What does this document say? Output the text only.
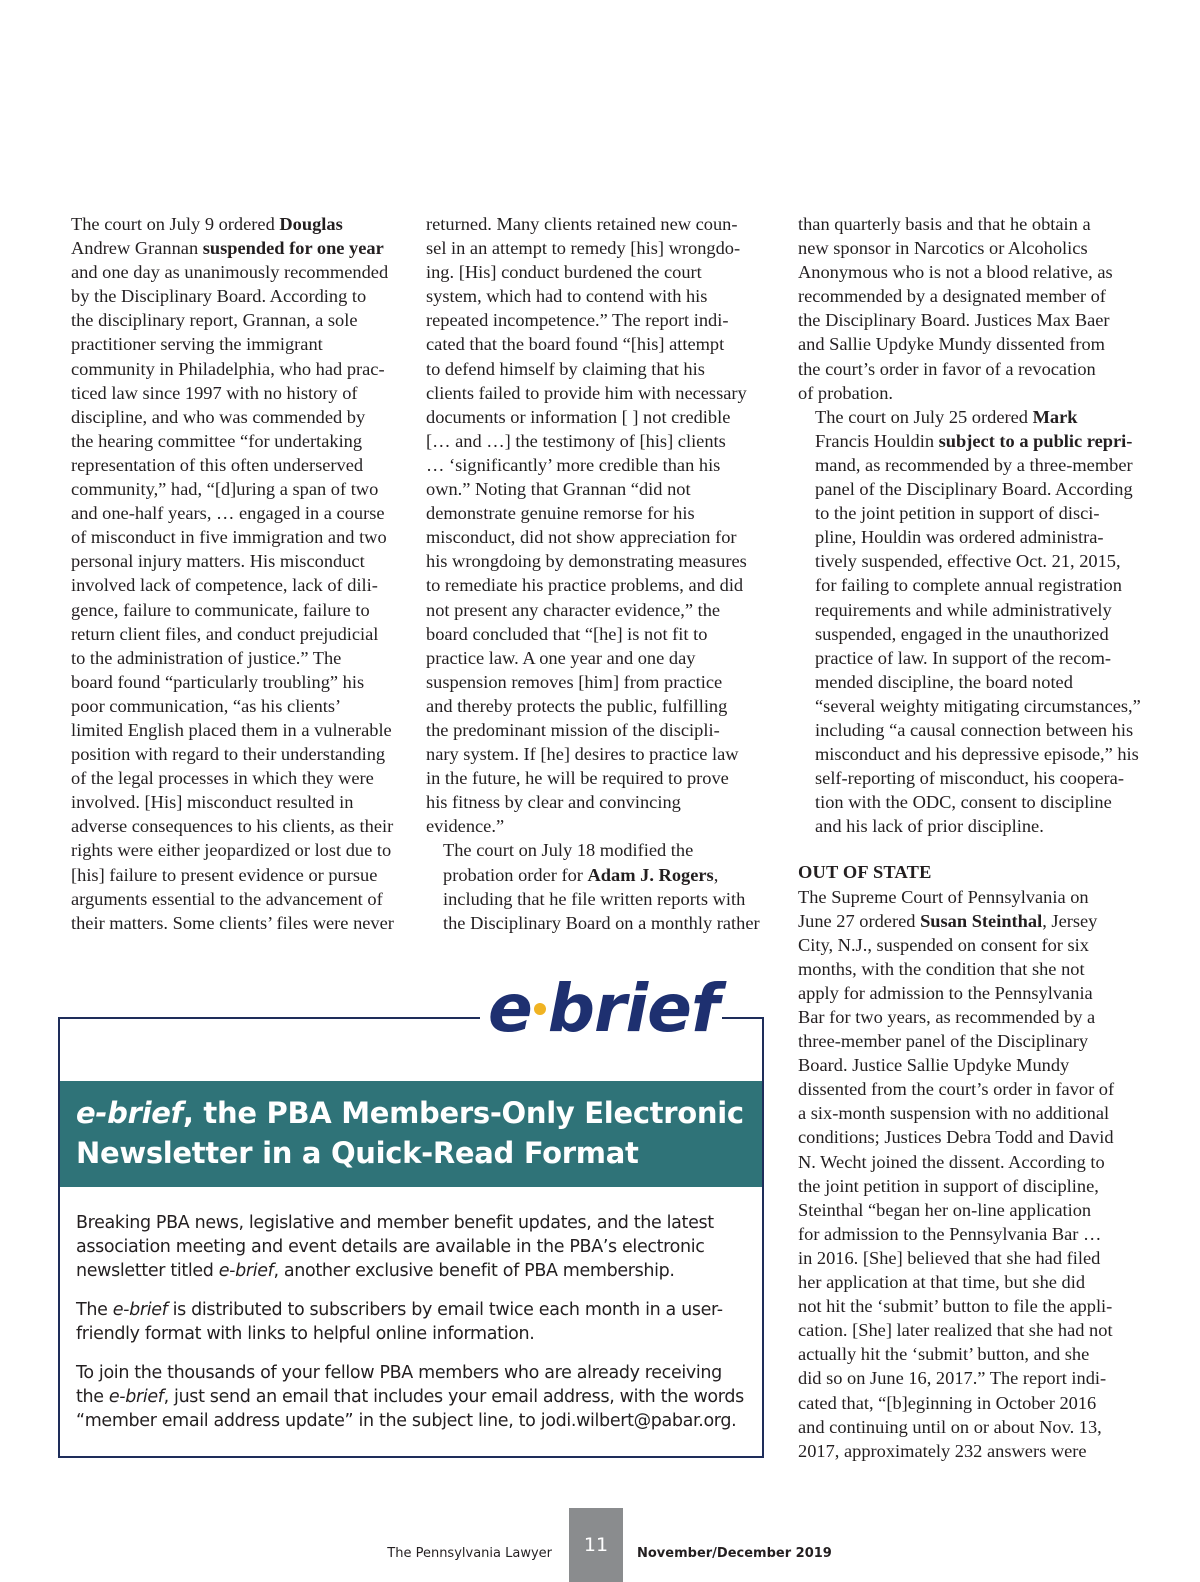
The court on July 9 ordered Douglas
Andrew Grannan suspended for one year
and one day as unanimously recommended
by the Disciplinary Board. According to
the disciplinary report, Grannan, a sole
practitioner serving the immigrant
community in Philadelphia, who had prac-
ticed law since 1997 with no history of
discipline, and who was commended by
the hearing committee “for undertaking
representation of this often underserved
community,” had, “[d]uring a span of two
and one-half years, … engaged in a course
of misconduct in five immigration and two
personal injury matters. His misconduct
involved lack of competence, lack of dili-
gence, failure to communicate, failure to
return client files, and conduct prejudicial
to the administration of justice.” The
board found “particularly troubling” his
poor communication, “as his clients’
limited English placed them in a vulnerable
position with regard to their understanding
of the legal processes in which they were
involved. [His] misconduct resulted in
adverse consequences to his clients, as their
rights were either jeopardized or lost due to
[his] failure to present evidence or pursue
arguments essential to the advancement of
their matters. Some clients’ files were never

returned. Many clients retained new coun-
sel in an attempt to remedy [his] wrongdo-
ing. [His] conduct burdened the court
system, which had to contend with his
repeated incompetence.” The report indi-
cated that the board found “[his] attempt
to defend himself by claiming that his
clients failed to provide him with necessary
documents or information [ ] not credible
[… and …] the testimony of [his] clients
… ‘significantly’ more credible than his
own.” Noting that Grannan “did not
demonstrate genuine remorse for his
misconduct, did not show appreciation for
his wrongdoing by demonstrating measures
to remediate his practice problems, and did
not present any character evidence,” the
board concluded that “[he] is not fit to
practice law. A one year and one day
suspension removes [him] from practice
and thereby protects the public, fulfilling
the predominant mission of the discipli-
nary system. If [he] desires to practice law
in the future, he will be required to prove
his fitness by clear and convincing
evidence.”

The court on July 18 modified the
probation order for Adam J. Rogers,
including that he file written reports with
the Disciplinary Board on a monthly rather

than quarterly basis and that he obtain a
new sponsor in Narcotics or Alcoholics
Anonymous who is not a blood relative, as
recommended by a designated member of
the Disciplinary Board. Justices Max Baer
and Sallie Updyke Mundy dissented from
the court’s order in favor of a revocation
of probation.

The court on July 25 ordered Mark
Francis Houldin subject to a public repri-
mand, as recommended by a three-member
panel of the Disciplinary Board. According
to the joint petition in support of disci-
pline, Houldin was ordered administra-
tively suspended, effective Oct. 21, 2015,
for failing to complete annual registration
requirements and while administratively
suspended, engaged in the unauthorized
practice of law. In support of the recom-
mended discipline, the board noted
“several weighty mitigating circumstances,”
including “a causal connection between his
misconduct and his depressive episode,” his
self-reporting of misconduct, his coopera-
tion with the ODC, consent to discipline
and his lack of prior discipline.

OUT OF STATE

The Supreme Court of Pennsylvania on
June 27 ordered Susan Steinthal, Jersey
City, N.J., suspended on consent for six
months, with the condition that she not
apply for admission to the Pennsylvania
Bar for two years, as recommended by a
three-member panel of the Disciplinary
Board. Justice Sallie Updyke Mundy
dissented from the court’s order in favor of
a six-month suspension with no additional
conditions; Justices Debra Todd and David
N. Wecht joined the dissent. According to
the joint petition in support of discipline,
Steinthal “began her on-line application
for admission to the Pennsylvania Bar …
in 2016. [She] believed that she had filed
her application at that time, but she did
not hit the ‘submit’ button to file the appli-
cation. [She] later realized that she had not
actually hit the ‘submit’ button, and she
did so on June 16, 2017.” The report indi-
cated that, “[b]eginning in October 2016
and continuing until on or about Nov. 13,
2017, approximately 232 answers were

e brief
e-brief, the PBA Members-Only Electronic
Newsletter in a Quick-Read Format

Breaking PBA news, legislative and member benefit updates, and the latest
association meeting and event details are available in the PBA’s electronic
newsletter titled e-brief, another exclusive benefit of PBA membership.

The e-brief is distributed to subscribers by email twice each month in a user-
friendly format with links to helpful online information.

To join the thousands of your fellow PBA members who are already receiving
the e-brief, just send an email that includes your email address, with the words
“member email address update” in the subject line, to jodi.wilbert@pabar.org.

The Pennsylvania Lawyer	11	November/December 2019
